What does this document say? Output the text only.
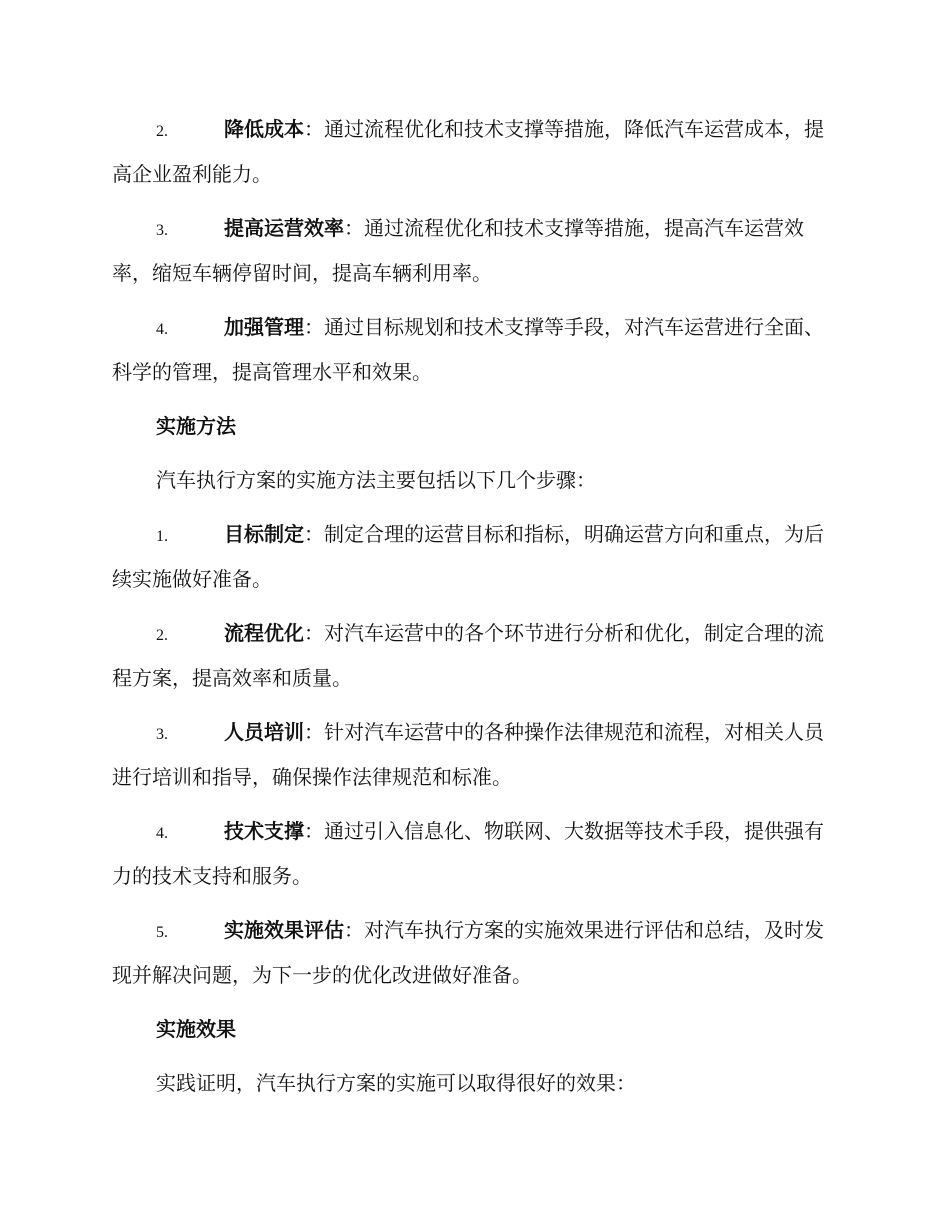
2.	降低成本：通过流程优化和技术支撑等措施，降低汽车运营成本，提高企业盈利能力。

3.	提高运营效率：通过流程优化和技术支撑等措施，提高汽车运营效率，缩短车辆停留时间，提高车辆利用率。

4.	加强管理：通过目标规划和技术支撑等手段，对汽车运营进行全面、科学的管理，提高管理水平和效果。

实施方法

汽车执行方案的实施方法主要包括以下几个步骤：

1.	目标制定：制定合理的运营目标和指标，明确运营方向和重点，为后续实施做好准备。

2.	流程优化：对汽车运营中的各个环节进行分析和优化，制定合理的流程方案，提高效率和质量。

3.	人员培训：针对汽车运营中的各种操作法律规范和流程，对相关人员进行培训和指导，确保操作法律规范和标准。

4.	技术支撑：通过引入信息化、物联网、大数据等技术手段，提供强有力的技术支持和服务。

5.	实施效果评估：对汽车执行方案的实施效果进行评估和总结，及时发现并解决问题，为下一步的优化改进做好准备。

实施效果

实践证明，汽车执行方案的实施可以取得很好的效果：
